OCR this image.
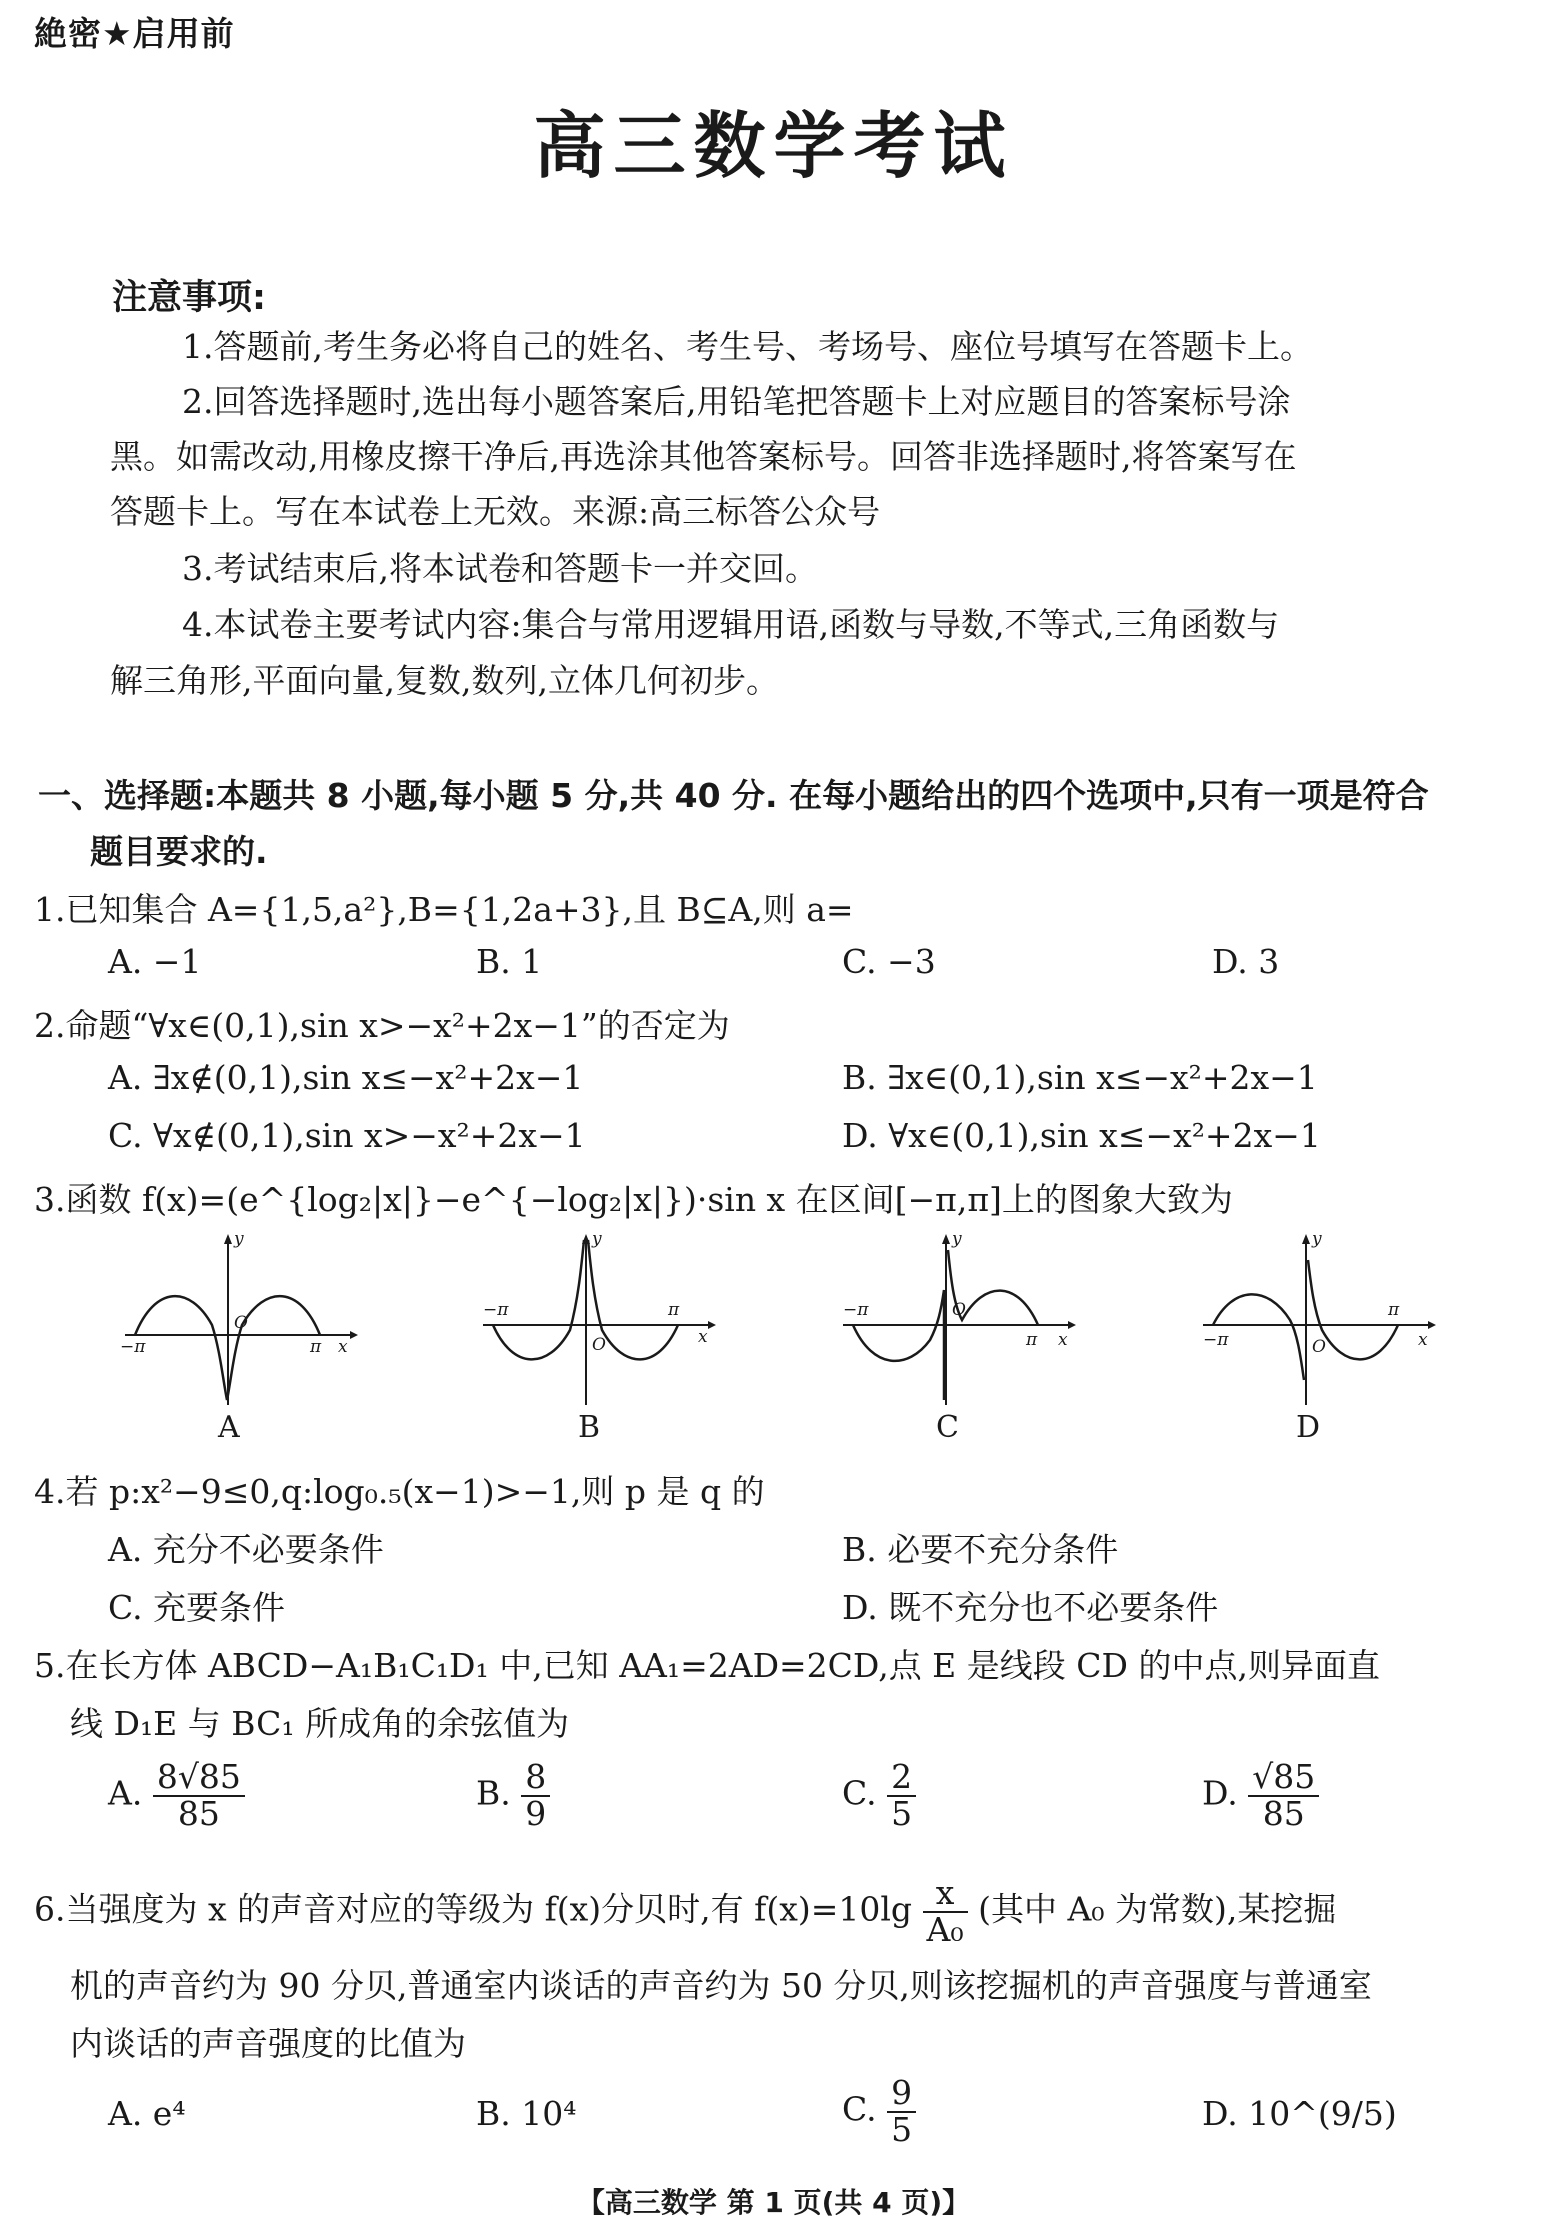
絶密★启用前
高三数学考试
注意事项:
1.答题前,考生务必将自己的姓名、考生号、考场号、座位号填写在答题卡上。
2.回答选择题时,选出每小题答案后,用铅笔把答题卡上对应题目的答案标号涂
黑。如需改动,用橡皮擦干净后,再选涂其他答案标号。回答非选择题时,将答案写在
答题卡上。写在本试卷上无效。来源:高三标答公众号
3.考试结束后,将本试卷和答题卡一并交回。
4.本试卷主要考试内容:集合与常用逻辑用语,函数与导数,不等式,三角函数与
解三角形,平面向量,复数,数列,立体几何初步。
一、选择题:本题共 8 小题,每小题 5 分,共 40 分. 在每小题给出的四个选项中,只有一项是符合
题目要求的.
1.已知集合 A={1,5,a²},B={1,2a+3},且 B⊆A,则 a=
A. −1	B. 1	C. −3	D. 3
2.命题“∀x∈(0,1),sin x>−x²+2x−1”的否定为
A. ∃x∉(0,1),sin x≤−x²+2x−1	B. ∃x∈(0,1),sin x≤−x²+2x−1
C. ∀x∉(0,1),sin x>−x²+2x−1	D. ∀x∈(0,1),sin x≤−x²+2x−1
3.函数 f(x)=(e^{log₂|x|}−e^{−log₂|x|})·sin x 在区间[−π,π]上的图象大致为
y
O
−π	π x
A
y
O
−π	π
x
B
y
O
−π
π x
C
y
O
−π
π
x
D
4.若 p:x²−9≤0,q:log₀.₅(x−1)>−1,则 p 是 q 的
A. 充分不必要条件	B. 必要不充分条件
C. 充要条件	D. 既不充分也不必要条件
5.在长方体 ABCD−A₁B₁C₁D₁ 中,已知 AA₁=2AD=2CD,点 E 是线段 CD 的中点,则异面直
线 D₁E 与 BC₁ 所成角的余弦值为
A. $\frac{8√85}{85}$	B. $\frac{8}{9}$	C. $\frac{2}{5}$	D. $\frac{√85}{85}$
6.当强度为 x 的声音对应的等级为 f(x)分贝时,有 $f(x)=10\lg \frac{x}{\text{A₀}}$ (其中 A₀ 为常数),某挖掘
机的声音约为 90 分贝,普通室内谈话的声音约为 50 分贝,则该挖掘机的声音强度与普通室
内谈话的声音强度的比值为
A. e⁴	B. 10⁴	C. $\frac{9}{5}$	D. 10^(9/5)
【高三数学 第 1 页(共 4 页)】
